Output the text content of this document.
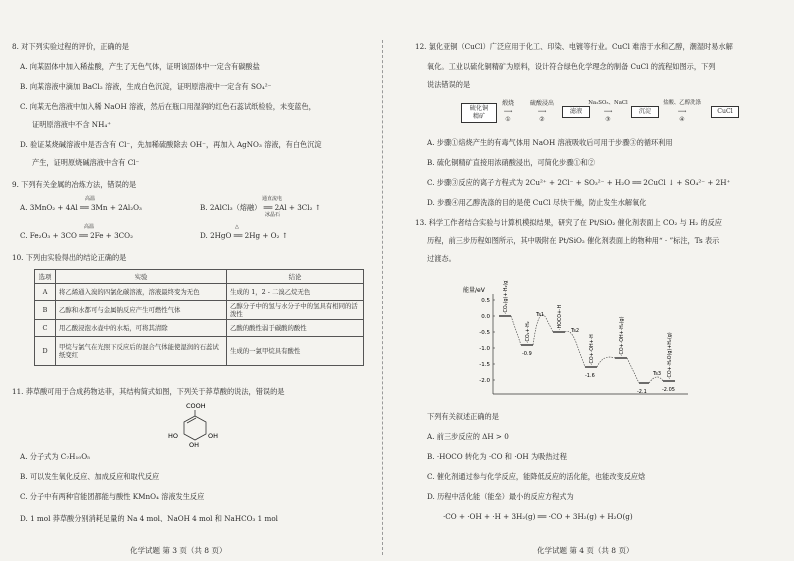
8. 对下列实验过程的评价，正确的是
A. 向某固体中加入稀盐酸，产生了无色气体，证明该固体中一定含有碳酸盐
B. 向某溶液中滴加 BaCl₂ 溶液，生成白色沉淀，证明原溶液中一定含有 SO₄²⁻
C. 向某无色溶液中加入稀 NaOH 溶液，然后在瓶口用湿润的红色石蕊试纸检验，未变蓝色，
证明原溶液中不含 NH₄⁺
D. 验证某烧碱溶液中是否含有 Cl⁻，先加稀硫酸除去 OH⁻，再加入 AgNO₃ 溶液，有白色沉淀
产生，证明原烧碱溶液中含有 Cl⁻
9. 下列有关金属的冶炼方法，错误的是
高温
A. 3MnO₂ + 4Al ══ 3Mn + 2Al₂O₃
通直流电
冰晶石
B. 2AlCl₃（熔融） ══ 2Al + 3Cl₂ ↑
高温
C. Fe₂O₃ + 3CO ══ 2Fe + 3CO₂
△
D. 2HgO ══ 2Hg + O₂ ↑
10. 下列由实验得出的结论正确的是
选项	实验	结论
A	将乙烯通入溴的四氯化碳溶液，溶液最终变为无色	生成的 1，2 - 二溴乙烷无色
B	乙醇和水都可与金属钠反应产生可燃性气体	乙醇分子中的氢与水分子中的氢具有相同的活泼性
C	用乙酸浸泡水壶中的水垢，可将其清除	乙酸的酸性弱于碳酸的酸性
D	甲烷与氯气在光照下反应后的混合气体能使湿润的石蕊试纸变红	生成的一氯甲烷具有酸性
11. 莽草酸可用于合成药物达菲，其结构简式如图，下列关于莽草酸的说法，错误的是
COOH
HO
OH
OH
A. 分子式为 C₇H₁₀O₅
B. 可以发生氧化反应、加成反应和取代反应
C. 分子中有两种官能团都能与酸性 KMnO₄ 溶液发生反应
D. 1 mol 莽草酸分别消耗足量的 Na 4 mol、NaOH 4 mol 和 NaHCO₃ 1 mol
化学试题 第 3 页（共 8 页）
12. 氯化亚铜（CuCl）广泛应用于化工、印染、电镀等行业。CuCl 难溶于水和乙醇，潮湿时易水解
氧化。工业以硫化铜精矿为原料，设计符合绿色化学理念的制备 CuCl 的流程如图示，下列
说法错误的是
硫化铜
精矿
煅烧
⟶
①
硫酸浸出
⟶
②
滤液
Na₂SO₃、NaCl
⟶
③
沉淀
盐酸、乙醇洗涤
⟶
④
CuCl
A. 步骤①焙烧产生的有毒气体用 NaOH 溶液吸收后可用于步骤③的循环利用
B. 硫化铜精矿直接用浓硝酸浸出，可简化步骤①和②
C. 步骤③反应的离子方程式为 2Cu²⁺ + 2Cl⁻ + SO₃²⁻ + H₂O ══ 2CuCl ↓ + SO₄²⁻ + 2H⁺
D. 步骤④用乙醇洗涤的目的是使 CuCl 尽快干燥，防止发生水解氧化
13. 科学工作者结合实验与计算机模拟结果，研究了在 Pt/SiO₂ 催化剂表面上 CO₂ 与 H₂ 的反应
历程，前三步历程如图所示，其中吸附在 Pt/SiO₂ 催化剂表面上的物种用“ · ”标注，Ts 表示
过渡态。
能量/eV
0.5
0.0
-0.5
-1.0
-1.5
-2.0
Ts1
Ts2
Ts3
-0.9
-1.6
-2.1	-2.05
·CO₂(g)+·H₂(g)
·CO₂+·H₂
·HOCO+·H
·CO+·OH+·H	·CO+·OH+·H₂(g)	·CO+·H₂O(g)+H₂(g)
下列有关叙述正确的是
A. 前三步反应的 ΔH > 0
B. ·HOCO 转化为 ·CO 和 ·OH 为吸热过程
C. 催化剂通过参与化学反应，能降低反应的活化能，也能改变反应焓
D. 历程中活化能（能垒）最小的反应方程式为
·CO + ·OH + ·H + 3H₂(g) ══ ·CO + 3H₂(g) + H₂O(g)
化学试题 第 4 页（共 8 页）
